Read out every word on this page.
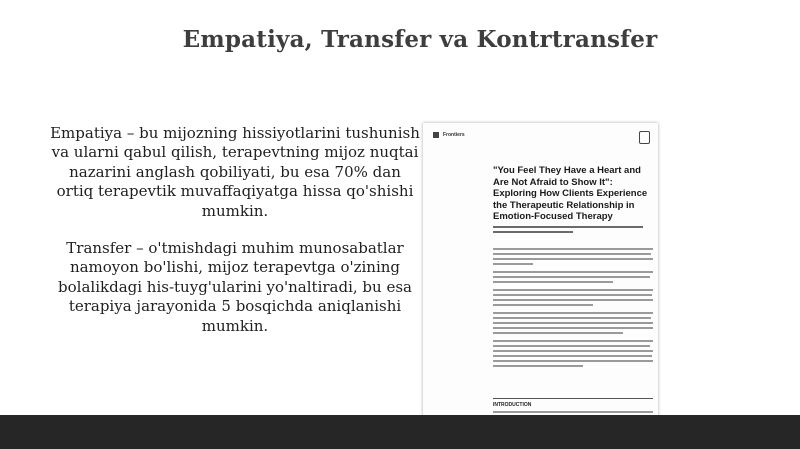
Empatiya, Transfer va Kontrtransfer

Empatiya – bu mijozning hissiyotlarini tushunish va ularni qabul qilish, terapevtning mijoz nuqtai nazarini anglash qobiliyati, bu esa 70% dan ortiq terapevtik muvaffaqiyatga hissa qo'shishi mumkin.

Transfer – o'tmishdagi muhim munosabatlar namoyon bo'lishi, mijoz terapevtga o'zining bolalikdagi his-tuyg'ularini yo'naltiradi, bu esa terapiya jarayonida 5 bosqichda aniqlanishi mumkin.

Frontiers
"You Feel They Have a Heart and Are Not Afraid to Show It": Exploring How Clients Experience the Therapeutic Relationship in Emotion-Focused Therapy
INTRODUCTION
